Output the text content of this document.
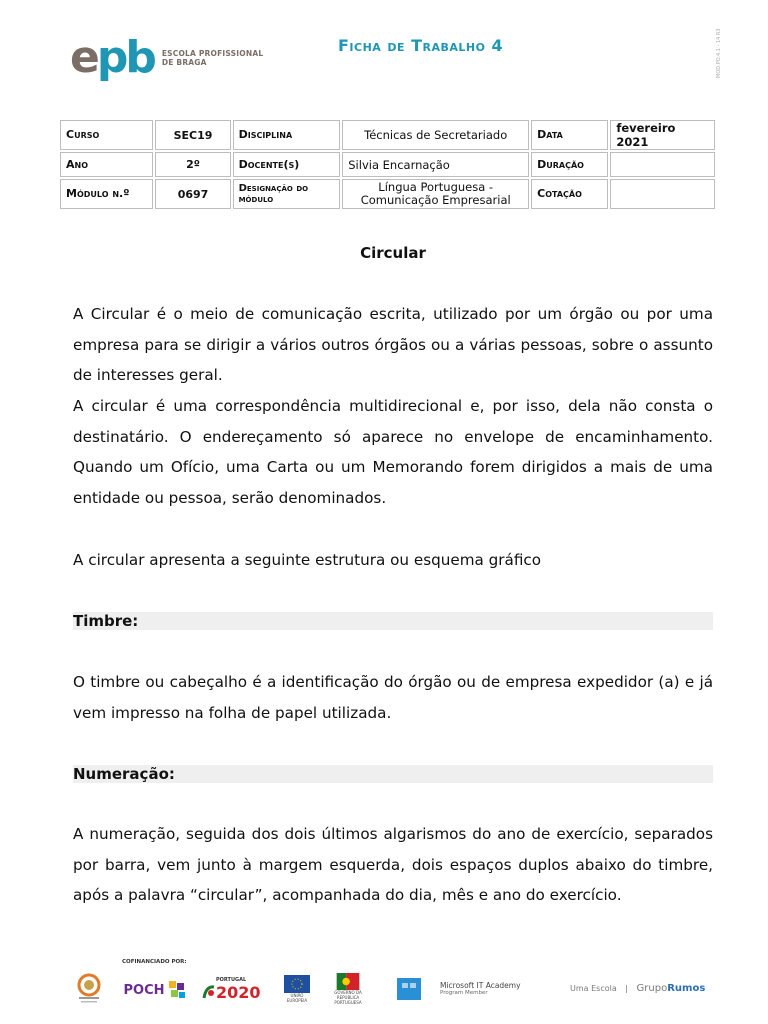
epb ESCOLA PROFISSIONAL
DE BRAGA
Ficha de Trabalho 4	MOD.PO.4.1 - 14 R3
Curso	SEC19	Disciplina	Técnicas de Secretariado	Data	fevereiro 2021
Ano	2º	Docente(s)	Silvia Encarnação	Duração	
Módulo n.º	0697	Designação do módulo	Língua Portuguesa - Comunicação Empresarial	Cotação	
Circular
A Circular é o meio de comunicação escrita, utilizado por um órgão ou por uma empresa para se dirigir a vários outros órgãos ou a várias pessoas, sobre o assunto de interesses geral.
A circular é uma correspondência multidirecional e, por isso, dela não consta o destinatário. O endereçamento só aparece no envelope de encaminhamento. Quando um Ofício, uma Carta ou um Memorando forem dirigidos a mais de uma entidade ou pessoa, serão denominados.
A circular apresenta a seguinte estrutura ou esquema gráfico
Timbre:
O timbre ou cabeçalho é a identificação do órgão ou de empresa expedidor (a) e já vem impresso na folha de papel utilizada.
Numeração:
A numeração, seguida dos dois últimos algarismos do ano de exercício, separados por barra, vem junto à margem esquerda, dois espaços duplos abaixo do timbre, após a palavra “circular”, acompanhada do dia, mês e ano do exercício.
COFINANCIADO POR:
POCH
PORTUGAL
2020	UNIÃO EUROPEIA
GOVERNO DA REPÚBLICA PORTUGUESA
Microsoft IT Academy
Program Member	Uma Escola | GrupoRumos
